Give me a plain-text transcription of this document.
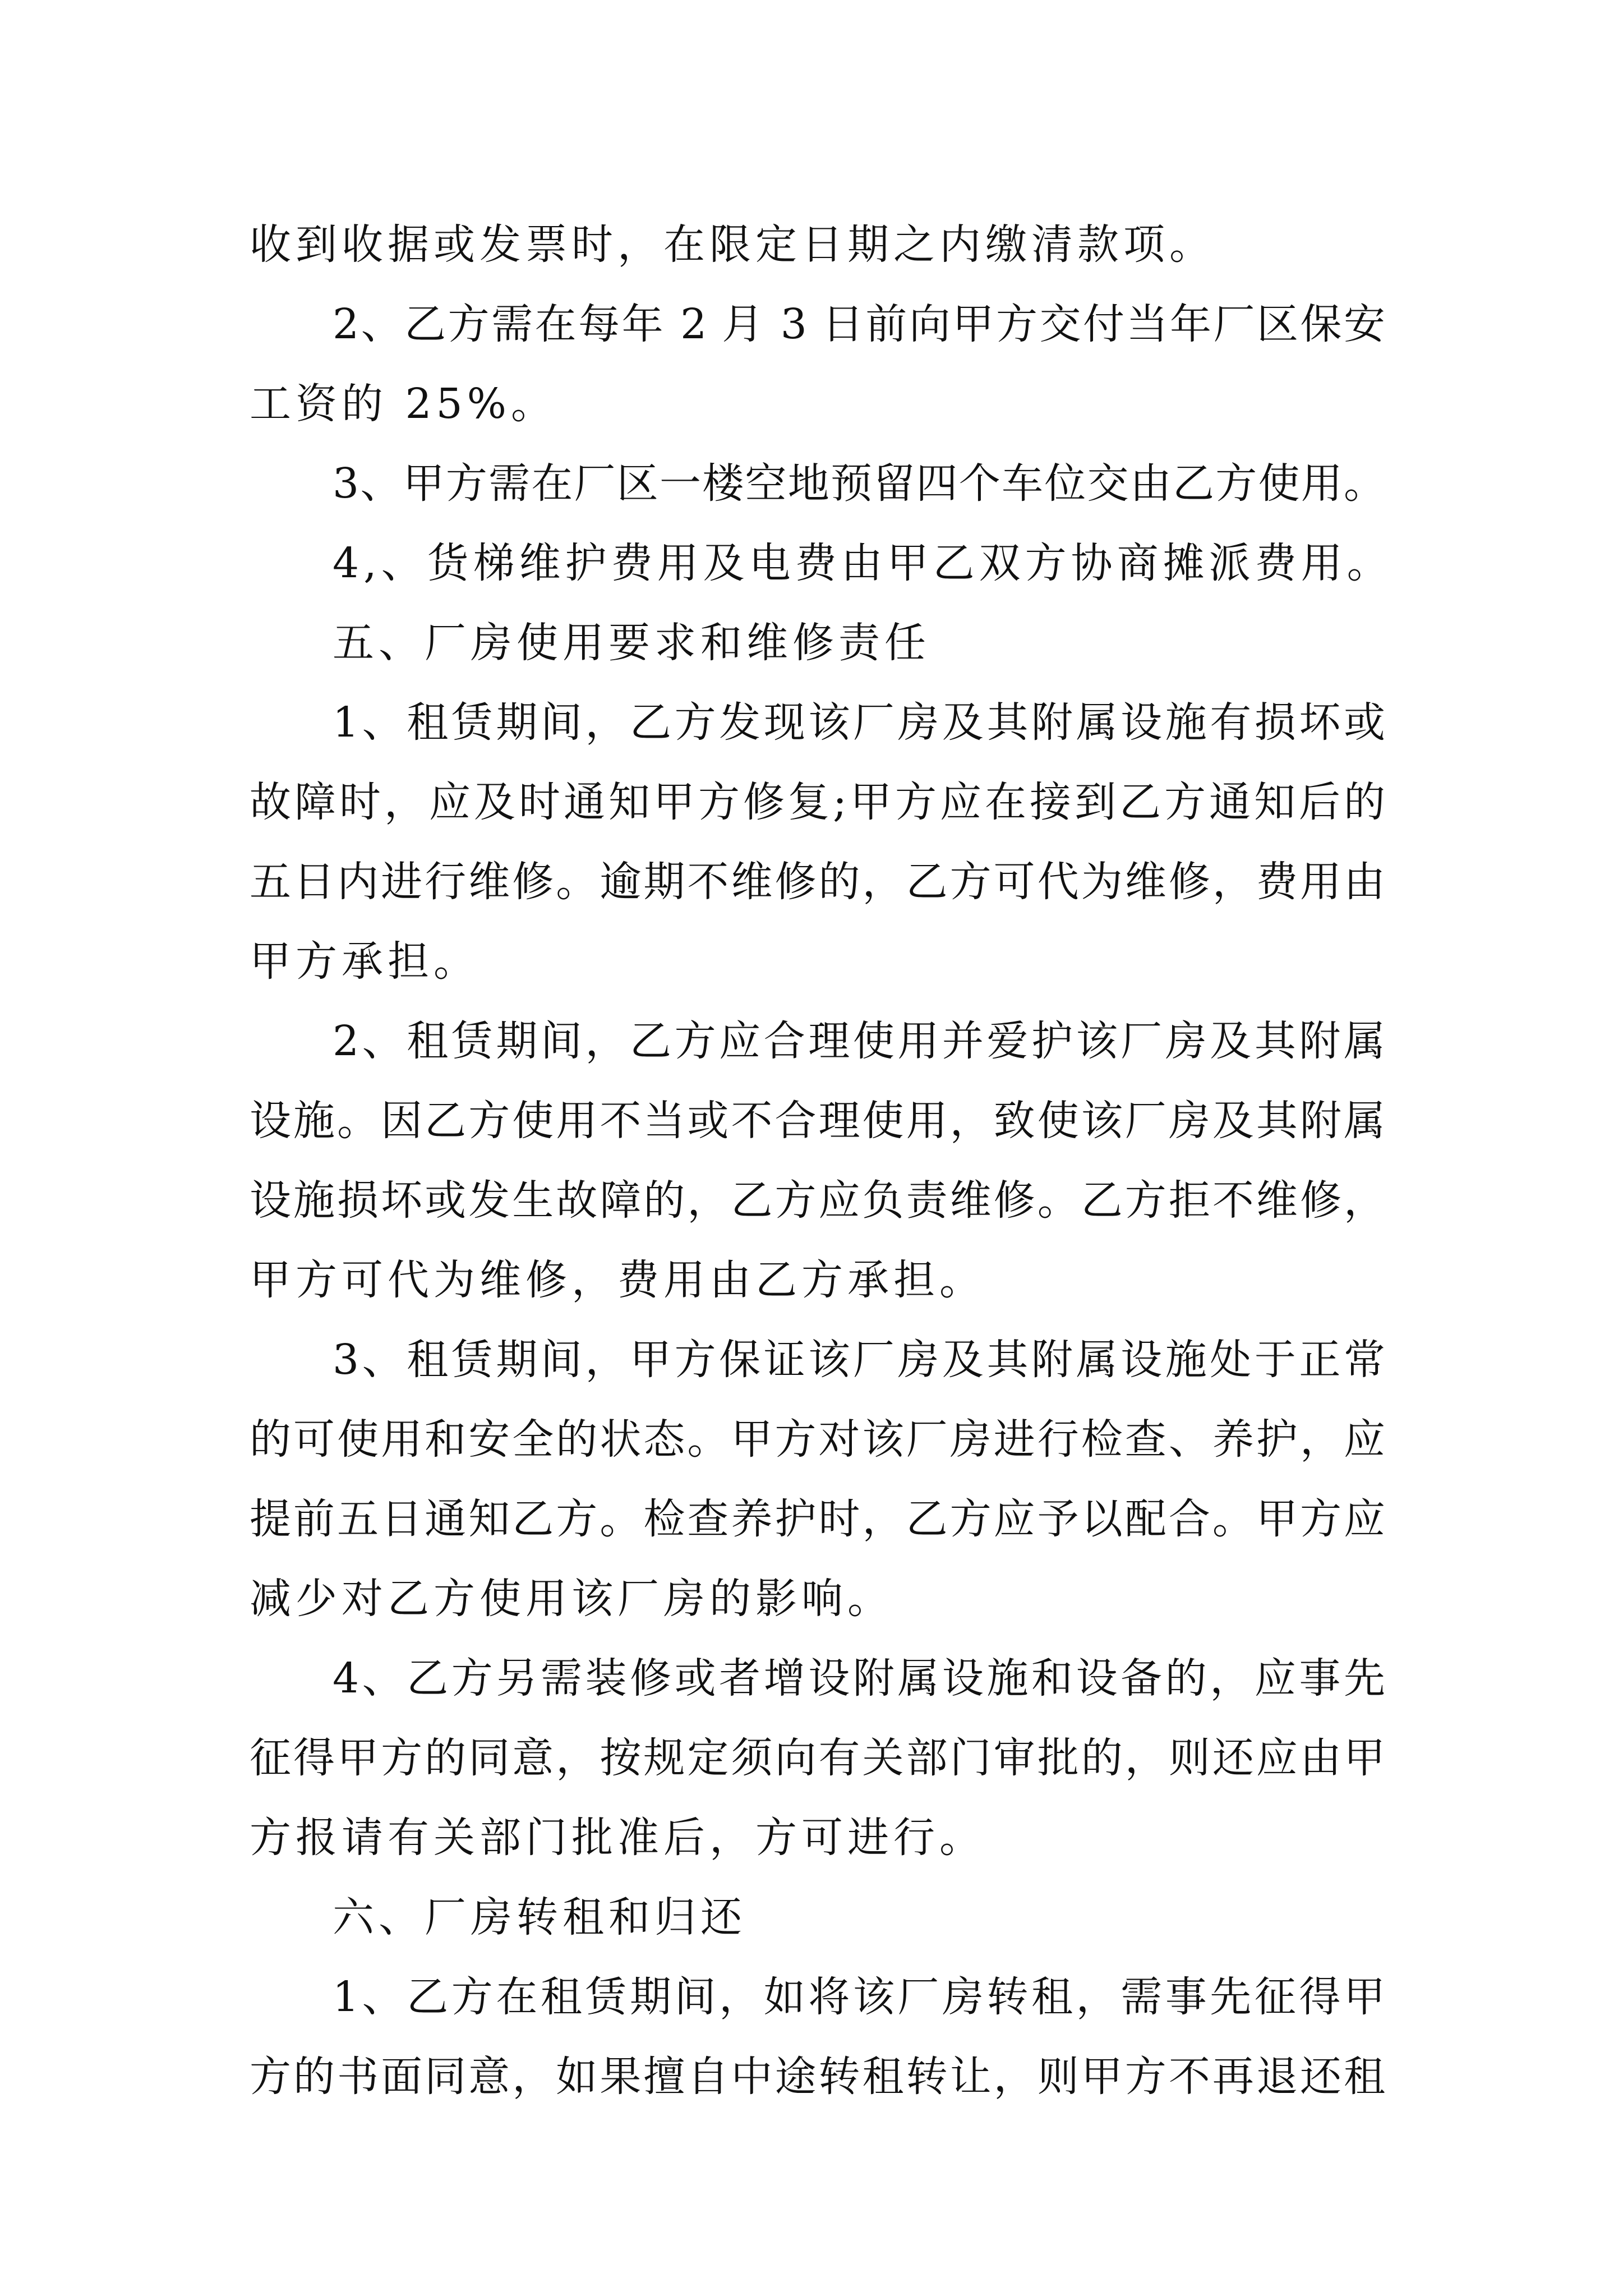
收到收据或发票时，在限定日期之内缴清款项。
2、乙方需在每年 2 月 3 日前向甲方交付当年厂区保安
工资的 25%。
3、甲方需在厂区一楼空地预留四个车位交由乙方使用。
4,、货梯维护费用及电费由甲乙双方协商摊派费用。
五、厂房使用要求和维修责任
1、租赁期间，乙方发现该厂房及其附属设施有损坏或
故障时，应及时通知甲方修复;甲方应在接到乙方通知后的
五日内进行维修。逾期不维修的，乙方可代为维修，费用由
甲方承担。
2、租赁期间，乙方应合理使用并爱护该厂房及其附属
设施。因乙方使用不当或不合理使用，致使该厂房及其附属
设施损坏或发生故障的，乙方应负责维修。乙方拒不维修，
甲方可代为维修，费用由乙方承担。
3、租赁期间，甲方保证该厂房及其附属设施处于正常
的可使用和安全的状态。甲方对该厂房进行检查、养护，应
提前五日通知乙方。检查养护时，乙方应予以配合。甲方应
减少对乙方使用该厂房的影响。
4、乙方另需装修或者增设附属设施和设备的，应事先
征得甲方的同意，按规定须向有关部门审批的，则还应由甲
方报请有关部门批准后，方可进行。
六、厂房转租和归还
1、乙方在租赁期间，如将该厂房转租，需事先征得甲
方的书面同意，如果擅自中途转租转让，则甲方不再退还租
